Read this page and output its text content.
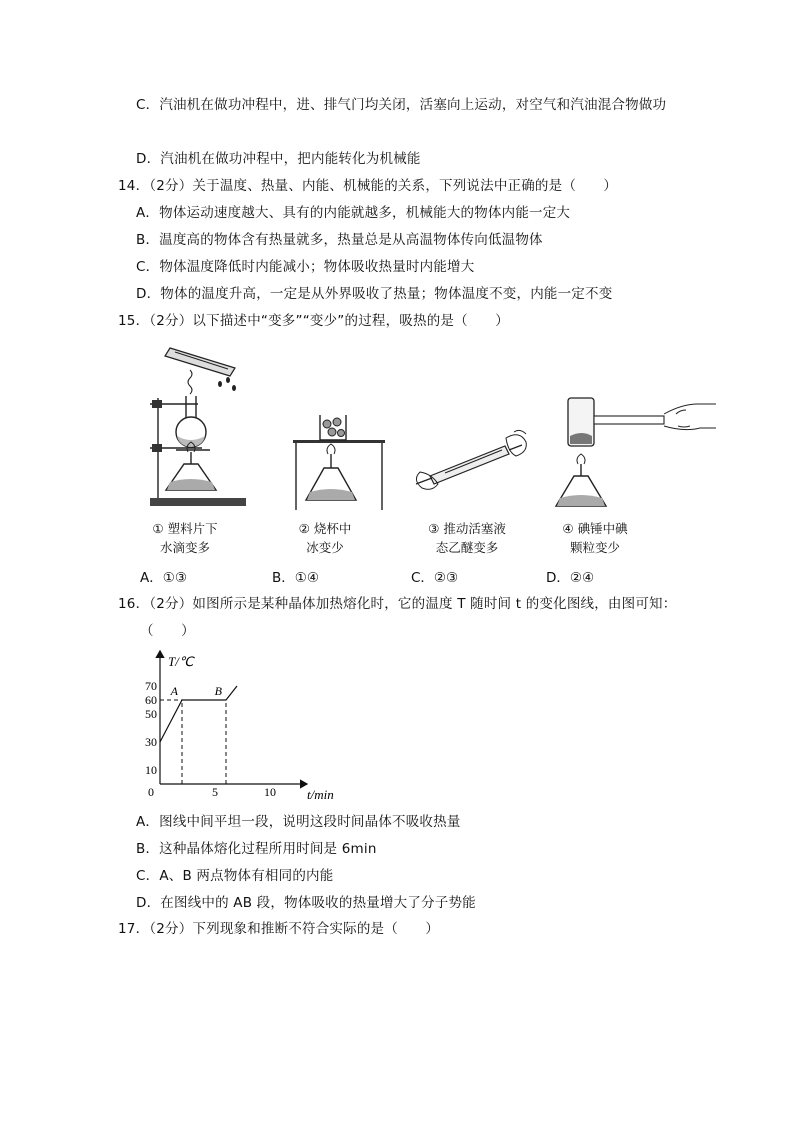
C．汽油机在做功冲程中，进、排气门均关闭，活塞向上运动，对空气和汽油混合物做功
D．汽油机在做功冲程中，把内能转化为机械能
14．（2分）关于温度、热量、内能、机械能的关系，下列说法中正确的是（　　）
A．物体运动速度越大、具有的内能就越多，机械能大的物体内能一定大
B．温度高的物体含有热量就多，热量总是从高温物体传向低温物体
C．物体温度降低时内能减小；物体吸收热量时内能增大
D．物体的温度升高，一定是从外界吸收了热量；物体温度不变，内能一定不变
15．（2分）以下描述中“变多”“变少”的过程，吸热的是（　　）
① 塑料片下
水滴变多
② 烧杯中
冰变少
③ 推动活塞液
态乙醚变多
④ 碘锤中碘
颗粒变少
A．①③	B．①④	C．②③	D．②④
16．（2分）如图所示是某种晶体加热熔化时，它的温度 T 随时间 t 的变化图线，由图可知：
（　　）
T/℃
t/min
0
10
30
50
60
70
5	10
A	B
A．图线中间平坦一段，说明这段时间晶体不吸收热量
B．这种晶体熔化过程所用时间是 6min
C．A、B 两点物体有相同的内能
D．在图线中的 AB 段，物体吸收的热量增大了分子势能
17．（2分）下列现象和推断不符合实际的是（　　）
